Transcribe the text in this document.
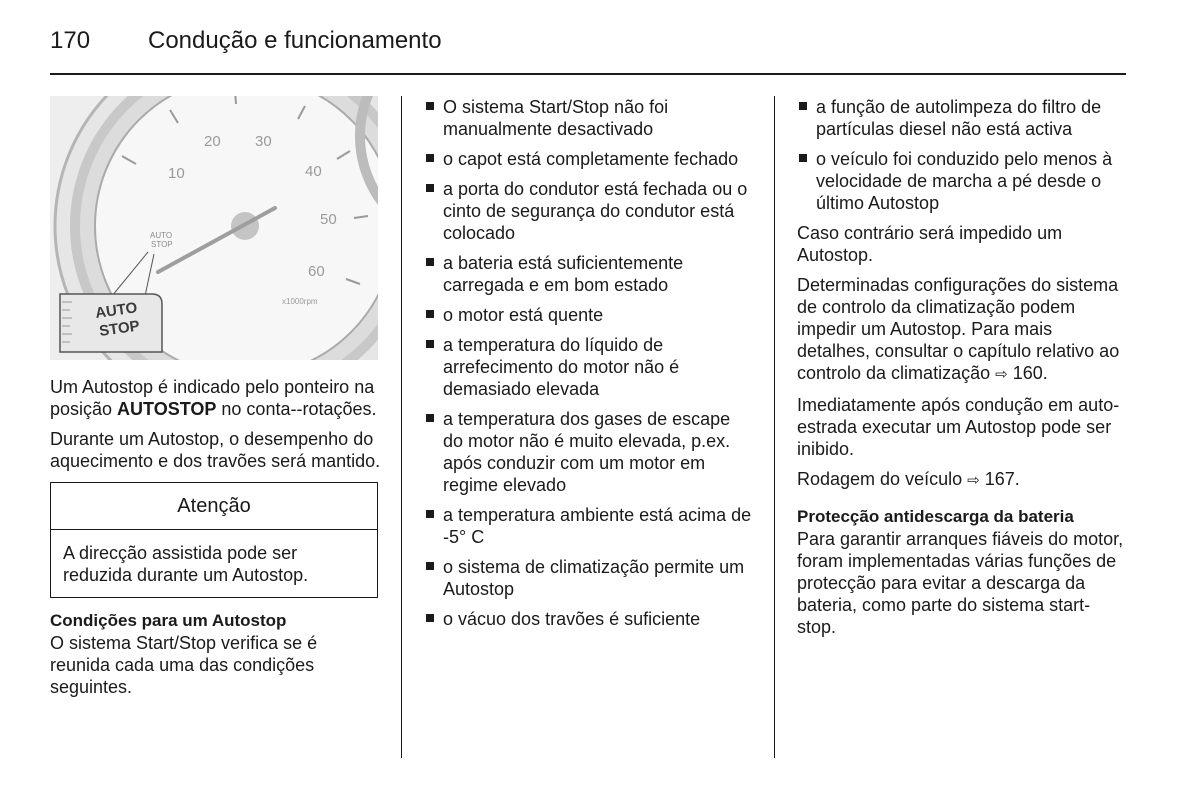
170 Condução e funcionamento
10
20 30
40
50
60
x1000rpm
AUTO
STOP
AUTO
STOP

Um Autostop é indicado pelo ponteiro na posição AUTOSTOP no conta--rotações.

Durante um Autostop, o desempenho do aquecimento e dos travões será mantido.

Atenção
A direcção assistida pode ser reduzida durante um Autostop.
Condições para um Autostop

O sistema Start/Stop verifica se é reunida cada uma das condições seguintes.

O sistema Start/Stop não foi manualmente desactivado
o capot está completamente fechado
a porta do condutor está fechada ou o cinto de segurança do condutor está colocado
a bateria está suficientemente carregada e em bom estado
o motor está quente
a temperatura do líquido de arrefecimento do motor não é demasiado elevada
a temperatura dos gases de escape do motor não é muito elevada, p.ex. após conduzir com um motor em regime elevado
a temperatura ambiente está acima de -5° C
o sistema de climatização permite um Autostop
o vácuo dos travões é suficiente
a função de autolimpeza do filtro de partículas diesel não está activa
o veículo foi conduzido pelo menos à velocidade de marcha a pé desde o último Autostop

Caso contrário será impedido um Autostop.

Determinadas configurações do sistema de controlo da climatização podem impedir um Autostop. Para mais detalhes, consultar o capítulo relativo ao controlo da climatização ⇨ 160.

Imediatamente após condução em auto-estrada executar um Autostop pode ser inibido.

Rodagem do veículo ⇨ 167.

Protecção antidescarga da bateria

Para garantir arranques fiáveis do motor, foram implementadas várias funções de protecção para evitar a descarga da bateria, como parte do sistema start-stop.
